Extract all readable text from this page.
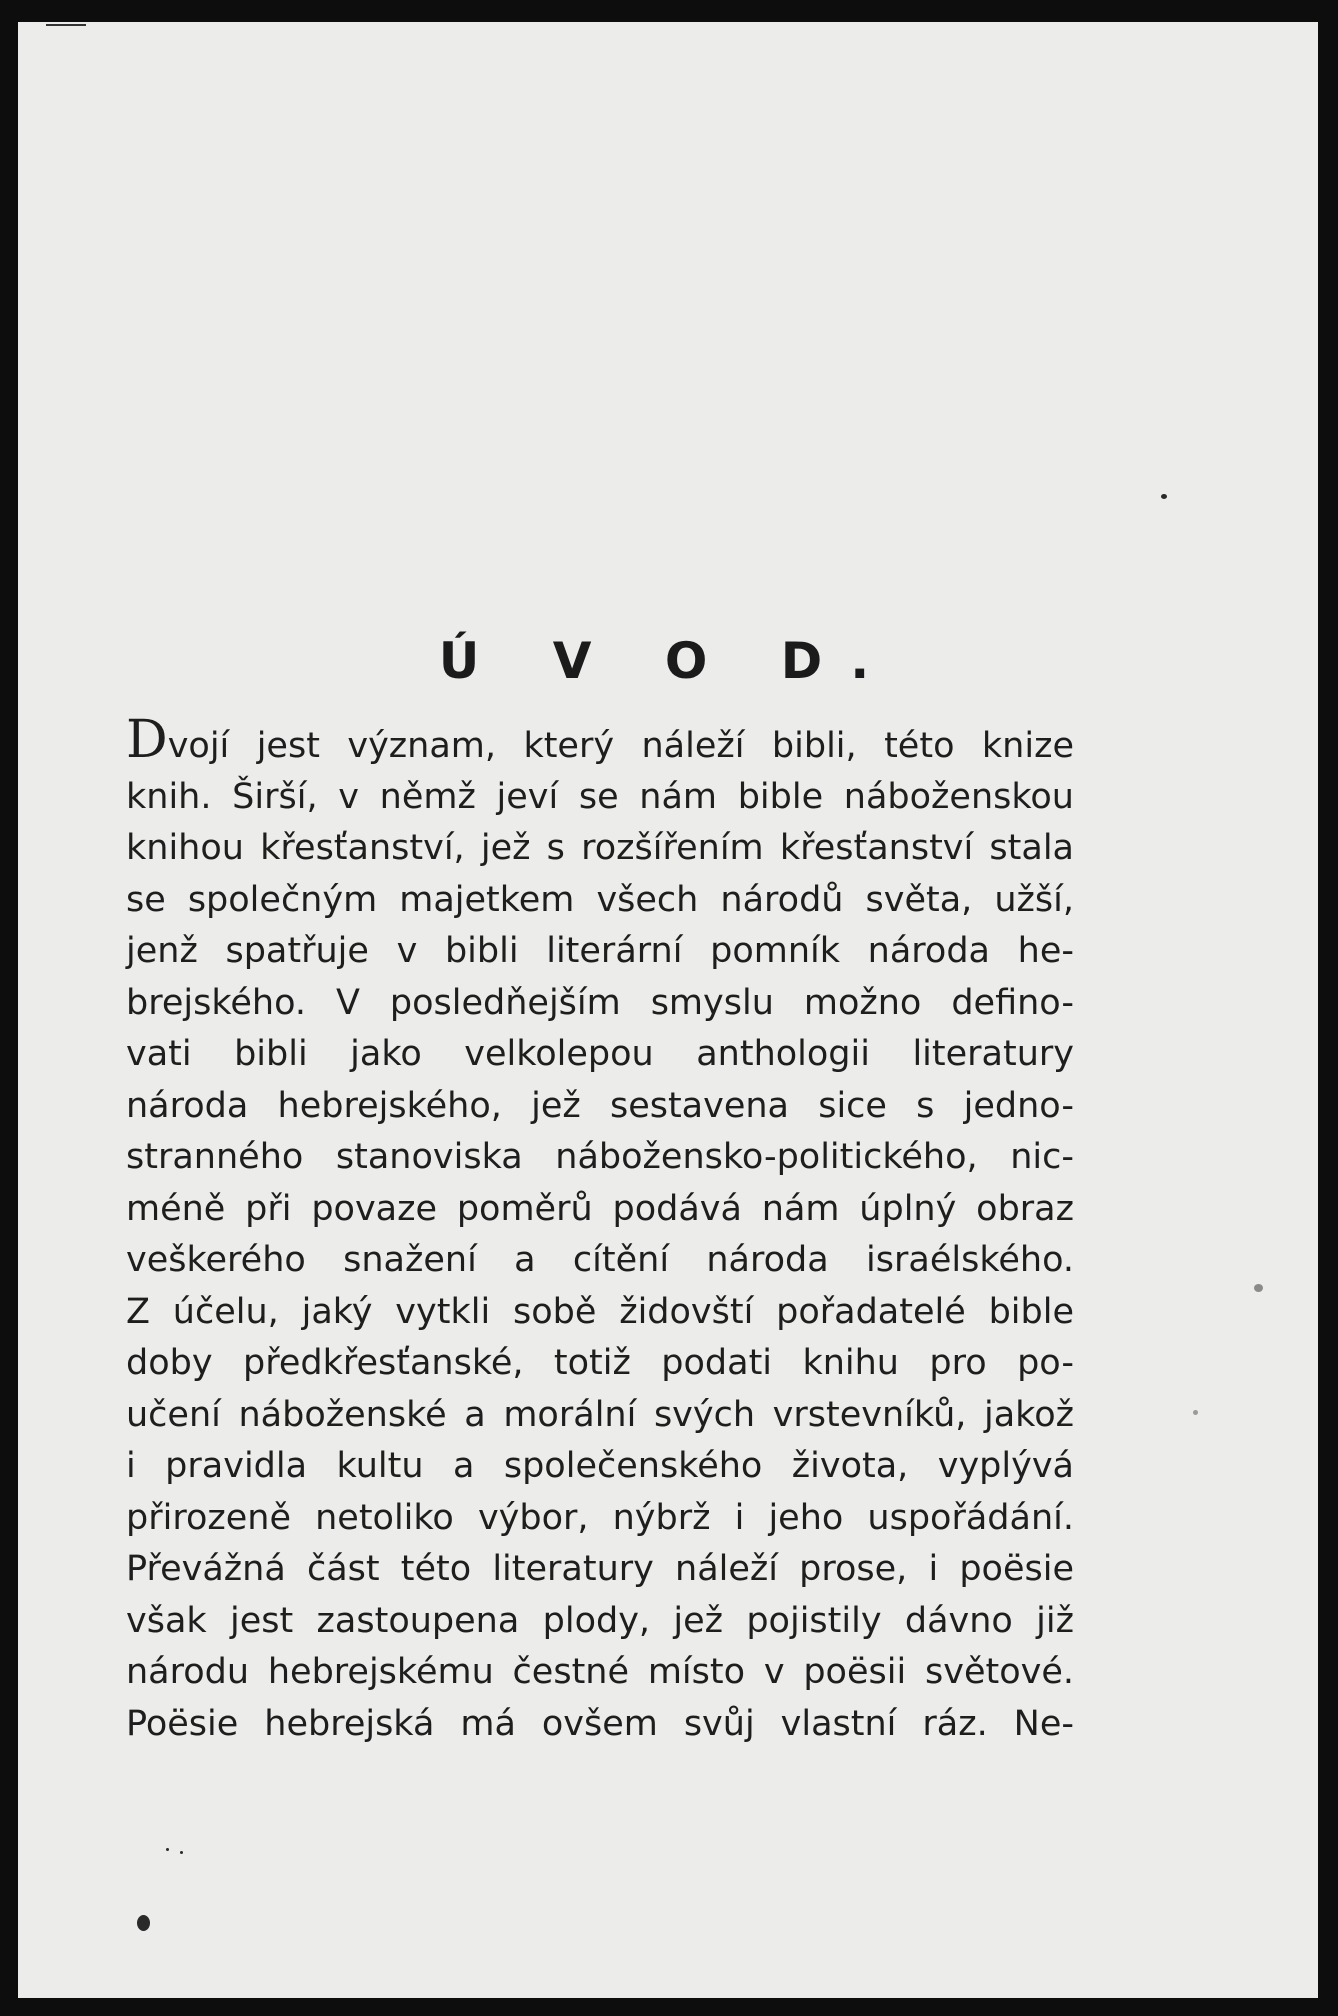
Ú V O D.
Dvojí jest význam, který náleží bibli, této knize
knih. Širší, v němž jeví se nám bible náboženskou
knihou křesťanství, jež s rozšířením křesťanství stala
se společným majetkem všech národů světa, užší,
jenž spatřuje v bibli literární pomník národa he-
brejského. V posledňejším smyslu možno defino-
vati bibli jako velkolepou anthologii literatury
národa hebrejského, jež sestavena sice s jedno-
stranného stanoviska nábožensko-politického, nic-
méně při povaze poměrů podává nám úplný obraz
veškerého snažení a cítění národa israélského.
Z účelu, jaký vytkli sobě židovští pořadatelé bible
doby předkřesťanské, totiž podati knihu pro po-
učení náboženské a morální svých vrstevníků, jakož
i pravidla kultu a společenského života, vyplývá
přirozeně netoliko výbor, nýbrž i jeho uspořádání.
Převážná část této literatury náleží prose, i poësie
však jest zastoupena plody, jež pojistily dávno již
národu hebrejskému čestné místo v poësii světové.
Poësie hebrejská má ovšem svůj vlastní ráz. Ne-
